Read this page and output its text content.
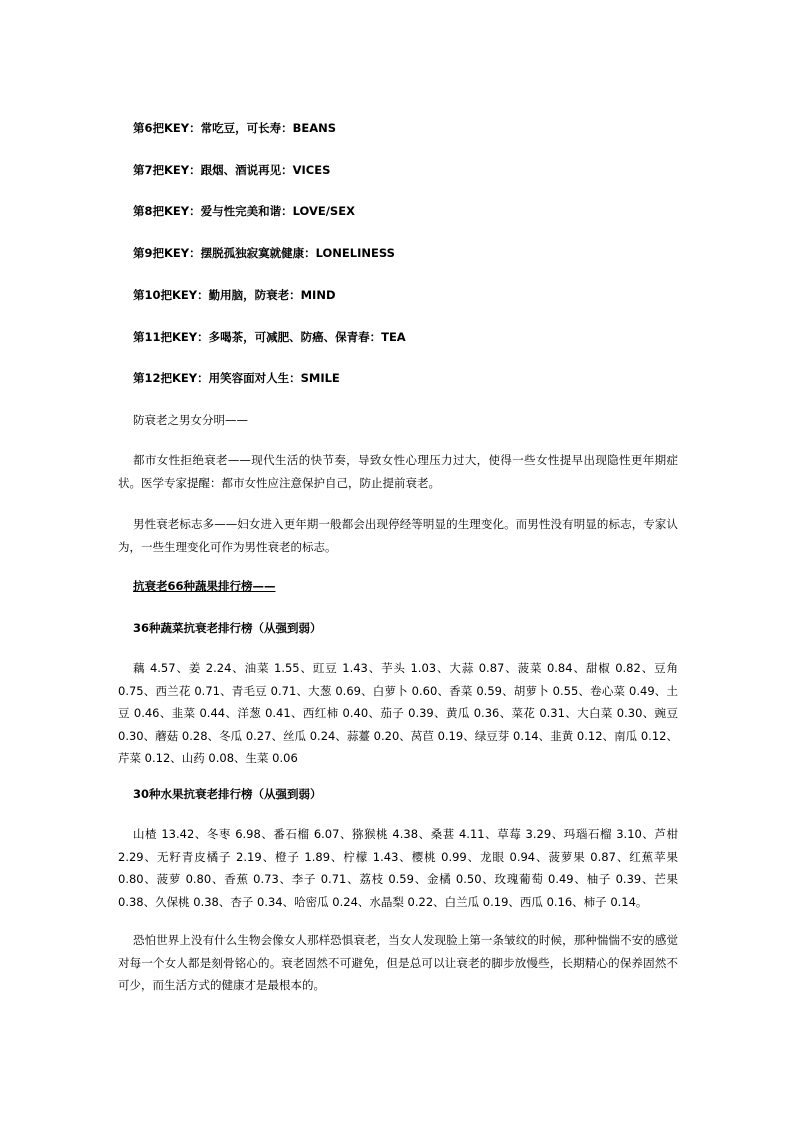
第6把KEY：常吃豆，可长寿：BEANS
第7把KEY：跟烟、酒说再见：VICES
第8把KEY：爱与性完美和谐：LOVE/SEX
第9把KEY：摆脱孤独寂寞就健康：LONELINESS
第10把KEY：勤用脑，防衰老：MIND
第11把KEY：多喝茶，可减肥、防癌、保青春：TEA
第12把KEY：用笑容面对人生：SMILE
防衰老之男女分明——

都市女性拒绝衰老——现代生活的快节奏，导致女性心理压力过大，使得一些女性提早出现隐性更年期症状。医学专家提醒：都市女性应注意保护自己，防止提前衰老。

男性衰老标志多——妇女进入更年期一般都会出现停经等明显的生理变化。而男性没有明显的标志，专家认为，一些生理变化可作为男性衰老的标志。

抗衰老66种蔬果排行榜——
36种蔬菜抗衰老排行榜（从强到弱）

藕 4.57、姜 2.24、油菜 1.55、豇豆 1.43、芋头 1.03、大蒜 0.87、菠菜 0.84、甜椒 0.82、豆角 0.75、西兰花 0.71、青毛豆 0.71、大葱 0.69、白萝卜 0.60、香菜 0.59、胡萝卜 0.55、卷心菜 0.49、土豆 0.46、韭菜 0.44、洋葱 0.41、西红柿 0.40、茄子 0.39、黄瓜 0.36、菜花 0.31、大白菜 0.30、豌豆 0.30、蘑菇 0.28、冬瓜 0.27、丝瓜 0.24、蒜薹 0.20、莴苣 0.19、绿豆芽 0.14、韭黄 0.12、南瓜 0.12、芹菜 0.12、山药 0.08、生菜 0.06

30种水果抗衰老排行榜（从强到弱）

山楂 13.42、冬枣 6.98、番石榴 6.07、猕猴桃 4.38、桑葚 4.11、草莓 3.29、玛瑙石榴 3.10、芦柑 2.29、无籽青皮橘子 2.19、橙子 1.89、柠檬 1.43、樱桃 0.99、龙眼 0.94、菠萝果 0.87、红蕉苹果 0.80、菠萝 0.80、香蕉 0.73、李子 0.71、荔枝 0.59、金橘 0.50、玫瑰葡萄 0.49、柚子 0.39、芒果 0.38、久保桃 0.38、杏子 0.34、哈密瓜 0.24、水晶梨 0.22、白兰瓜 0.19、西瓜 0.16、柿子 0.14。

恐怕世界上没有什么生物会像女人那样恐惧衰老，当女人发现脸上第一条皱纹的时候，那种惴惴不安的感觉对每一个女人都是刻骨铭心的。衰老固然不可避免，但是总可以让衰老的脚步放慢些，长期精心的保养固然不可少，而生活方式的健康才是最根本的。
